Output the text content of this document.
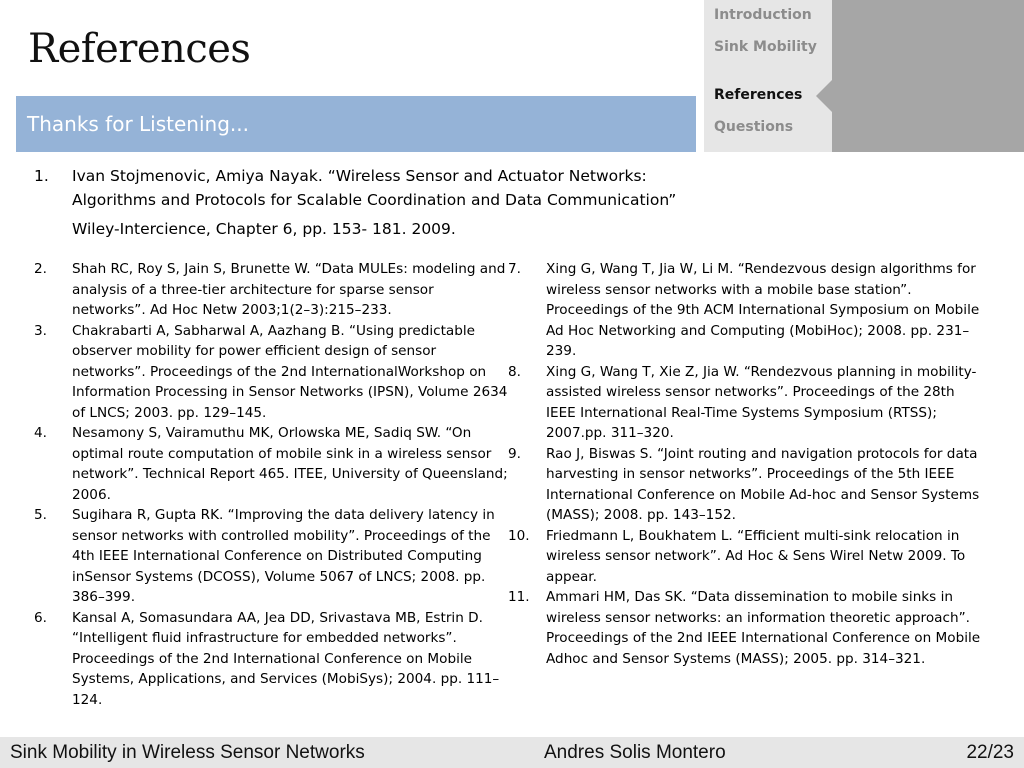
References
Introduction
Sink Mobility
References
Questions
Thanks for Listening...
1. Ivan Stojmenovic, Amiya Nayak. “Wireless Sensor and Actuator Networks:
Algorithms and Protocols for Scalable Coordination and Data Communication”
Wiley-Intercience, Chapter 6, pp. 153- 181. 2009.
2. Shah RC, Roy S, Jain S, Brunette W. “Data MULEs: modeling and analysis of a three-tier architecture for sparse sensor networks”. Ad Hoc Netw 2003;1(2–3):215–233.
3. Chakrabarti A, Sabharwal A, Aazhang B. “Using predictable observer mobility for power efficient design of sensor networks”. Proceedings of the 2nd InternationalWorkshop on Information Processing in Sensor Networks (IPSN), Volume 2634 of LNCS; 2003. pp. 129–145.
4. Nesamony S, Vairamuthu MK, Orlowska ME, Sadiq SW. “On optimal route computation of mobile sink in a wireless sensor network”. Technical Report 465. ITEE, University of Queensland; 2006.
5. Sugihara R, Gupta RK. “Improving the data delivery latency in sensor networks with controlled mobility”. Proceedings of the 4th IEEE International Conference on Distributed Computing inSensor Systems (DCOSS), Volume 5067 of LNCS; 2008. pp. 386–399.
6. Kansal A, Somasundara AA, Jea DD, Srivastava MB, Estrin D. “Intelligent fluid infrastructure for embedded networks”. Proceedings of the 2nd International Conference on Mobile Systems, Applications, and Services (MobiSys); 2004. pp. 111–124.
7. Xing G, Wang T, Jia W, Li M. “Rendezvous design algorithms for wireless sensor networks with a mobile base station”. Proceedings of the 9th ACM International Symposium on Mobile Ad Hoc Networking and Computing (MobiHoc); 2008. pp. 231–239.
8. Xing G, Wang T, Xie Z, Jia W. “Rendezvous planning in mobility-assisted wireless sensor networks”. Proceedings of the 28th IEEE International Real-Time Systems Symposium (RTSS); 2007.pp. 311–320.
9. Rao J, Biswas S. “Joint routing and navigation protocols for data harvesting in sensor networks”. Proceedings of the 5th IEEE International Conference on Mobile Ad-hoc and Sensor Systems (MASS); 2008. pp. 143–152.
10. Friedmann L, Boukhatem L. “Efficient multi-sink relocation in wireless sensor network”. Ad Hoc & Sens Wirel Netw 2009. To appear.
11. Ammari HM, Das SK. “Data dissemination to mobile sinks in wireless sensor networks: an information theoretic approach”. Proceedings of the 2nd IEEE International Conference on Mobile Adhoc and Sensor Systems (MASS); 2005. pp. 314–321.
Sink Mobility in Wireless Sensor Networks	Andres Solis Montero	22/23
